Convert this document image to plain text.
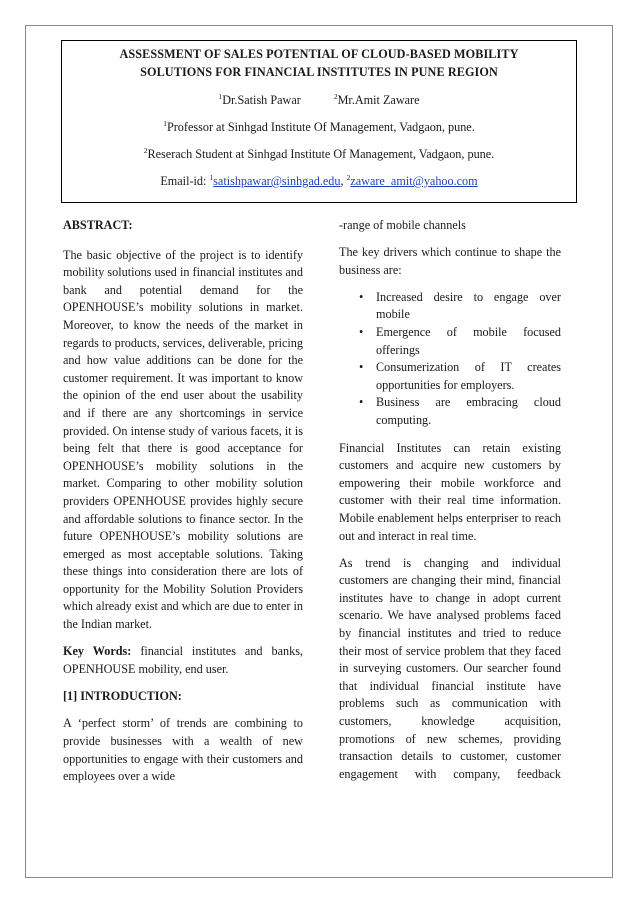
ASSESSMENT OF SALES POTENTIAL OF CLOUD-BASED MOBILITY
SOLUTIONS FOR FINANCIAL INSTITUTES IN PUNE REGION
$^1$Dr.Satish Pawar	$^2$Mr.Amit Zaware
$^1$Professor at Sinhgad Institute Of Management, Vadgaon, pune.
$^2$Reserach Student at Sinhgad Institute Of Management, Vadgaon, pune.
Email-id: $^1$satishpawar@sinhgad.edu, $^2$zaware_amit@yahoo.com
ABSTRACT:

The basic objective of the project is to identify mobility solutions used in financial institutes and bank and potential demand for the OPENHOUSE’s mobility solutions in market. Moreover, to know the needs of the market in regards to products, services, deliverable, pricing and how value additions can be done for the customer requirement. It was important to know the opinion of the end user about the usability and if there are any shortcomings in service provided. On intense study of various facets, it is being felt that there is good acceptance for OPENHOUSE’s mobility solutions in the market. Comparing to other mobility solution providers OPENHOUSE provides highly secure and affordable solutions to finance sector. In the future OPENHOUSE’s mobility solutions are emerged as most acceptable solutions. Taking these things into consideration there are lots of opportunity for the Mobility Solution Providers which already exist and which are due to enter in the Indian market.

Key Words: financial institutes and banks, OPENHOUSE mobility, end user.

[1] INTRODUCTION:

A ‘perfect storm’ of trends are combining to provide businesses with a wealth of new opportunities to engage with their customers and employees over a wide

-range of mobile channels

The key drivers which continue to shape the business are:

• Increased desire to engage over mobile
• Emergence of mobile focused offerings
• Consumerization of IT creates opportunities for employers.
• Business are embracing cloud computing.

Financial Institutes can retain existing customers and acquire new customers by empowering their mobile workforce and customer with their real time information. Mobile enablement helps enterpriser to reach out and interact in real time.

As trend is changing and individual customers are changing their mind, financial institutes have to change in adopt current scenario. We have analysed problems faced by financial institutes and tried to reduce their most of service problem that they faced in surveying customers. Our searcher found that individual financial institute have problems such as communication with customers, knowledge acquisition, promotions of new schemes, providing transaction details to customer, customer engagement with company, feedback
